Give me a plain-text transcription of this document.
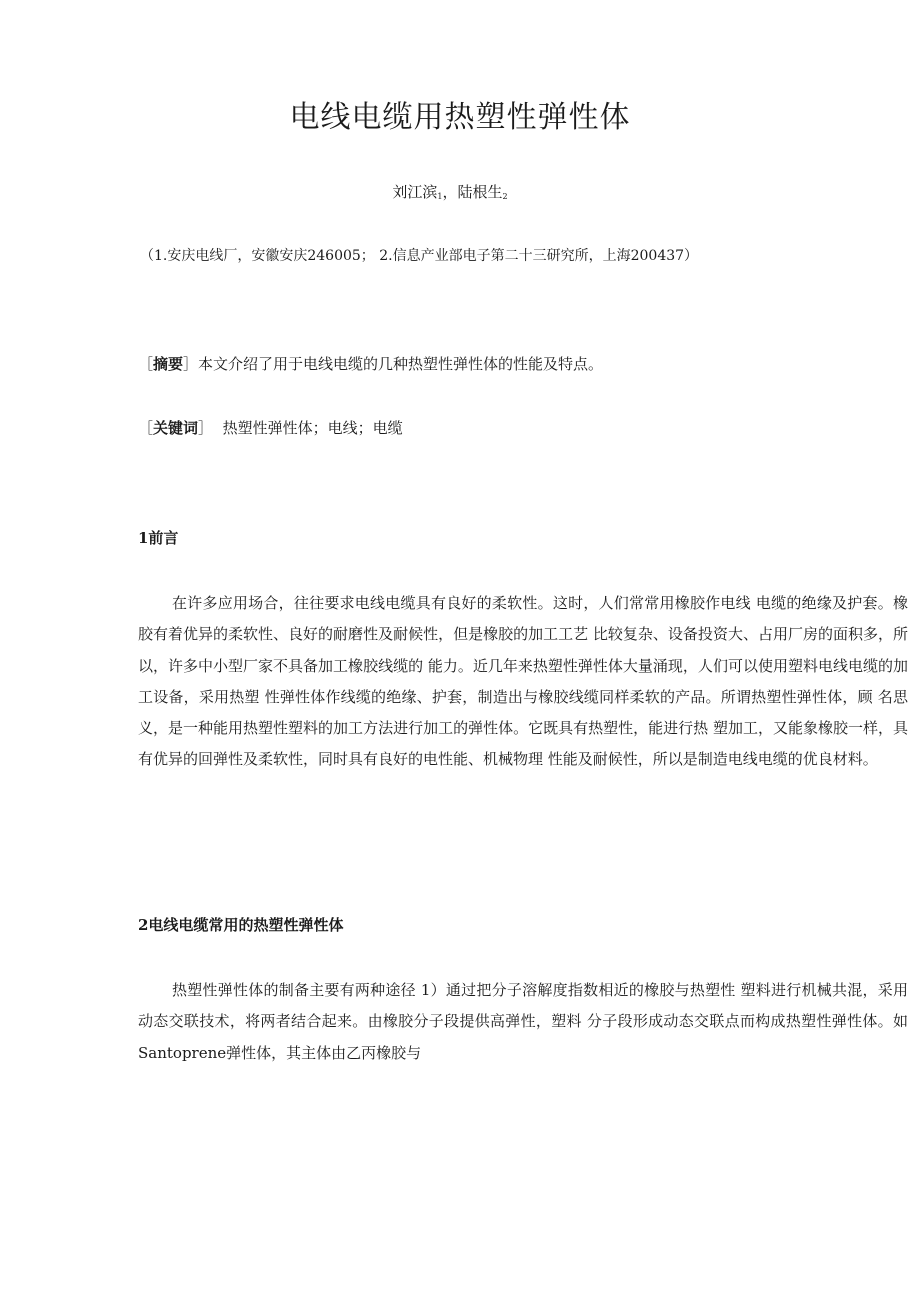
电线电缆用热塑性弹性体
刘江滨$_1$，陆根生$_2$
（1.安庆电线厂，安徽安庆246005； 2.信息产业部电子第二十三研究所，上海200437）
［摘要］本文介绍了用于电线电缆的几种热塑性弹性体的性能及特点。
［关键词］ 热塑性弹性体；电线；电缆
1前言

在许多应用场合，往往要求电线电缆具有良好的柔软性。这时，人们常常用橡胶作电线 电缆的绝缘及护套。橡胶有着优异的柔软性、良好的耐磨性及耐候性，但是橡胶的加工工艺 比较复杂、设备投资大、占用厂房的面积多，所以，许多中小型厂家不具备加工橡胶线缆的 能力。近几年来热塑性弹性体大量涌现，人们可以使用塑料电线电缆的加工设备，采用热塑 性弹性体作线缆的绝缘、护套，制造出与橡胶线缆同样柔软的产品。所谓热塑性弹性体，顾 名思义，是一种能用热塑性塑料的加工方法进行加工的弹性体。它既具有热塑性，能进行热 塑加工，又能象橡胶一样，具有优异的回弹性及柔软性，同时具有良好的电性能、机械物理 性能及耐候性，所以是制造电线电缆的优良材料。

2电线电缆常用的热塑性弹性体

热塑性弹性体的制备主要有两种途径 1）通过把分子溶解度指数相近的橡胶与热塑性 塑料进行机械共混，采用动态交联技术，将两者结合起来。由橡胶分子段提供高弹性，塑料 分子段形成动态交联点而构成热塑性弹性体。如Santoprene弹性体，其主体由乙丙橡胶与
